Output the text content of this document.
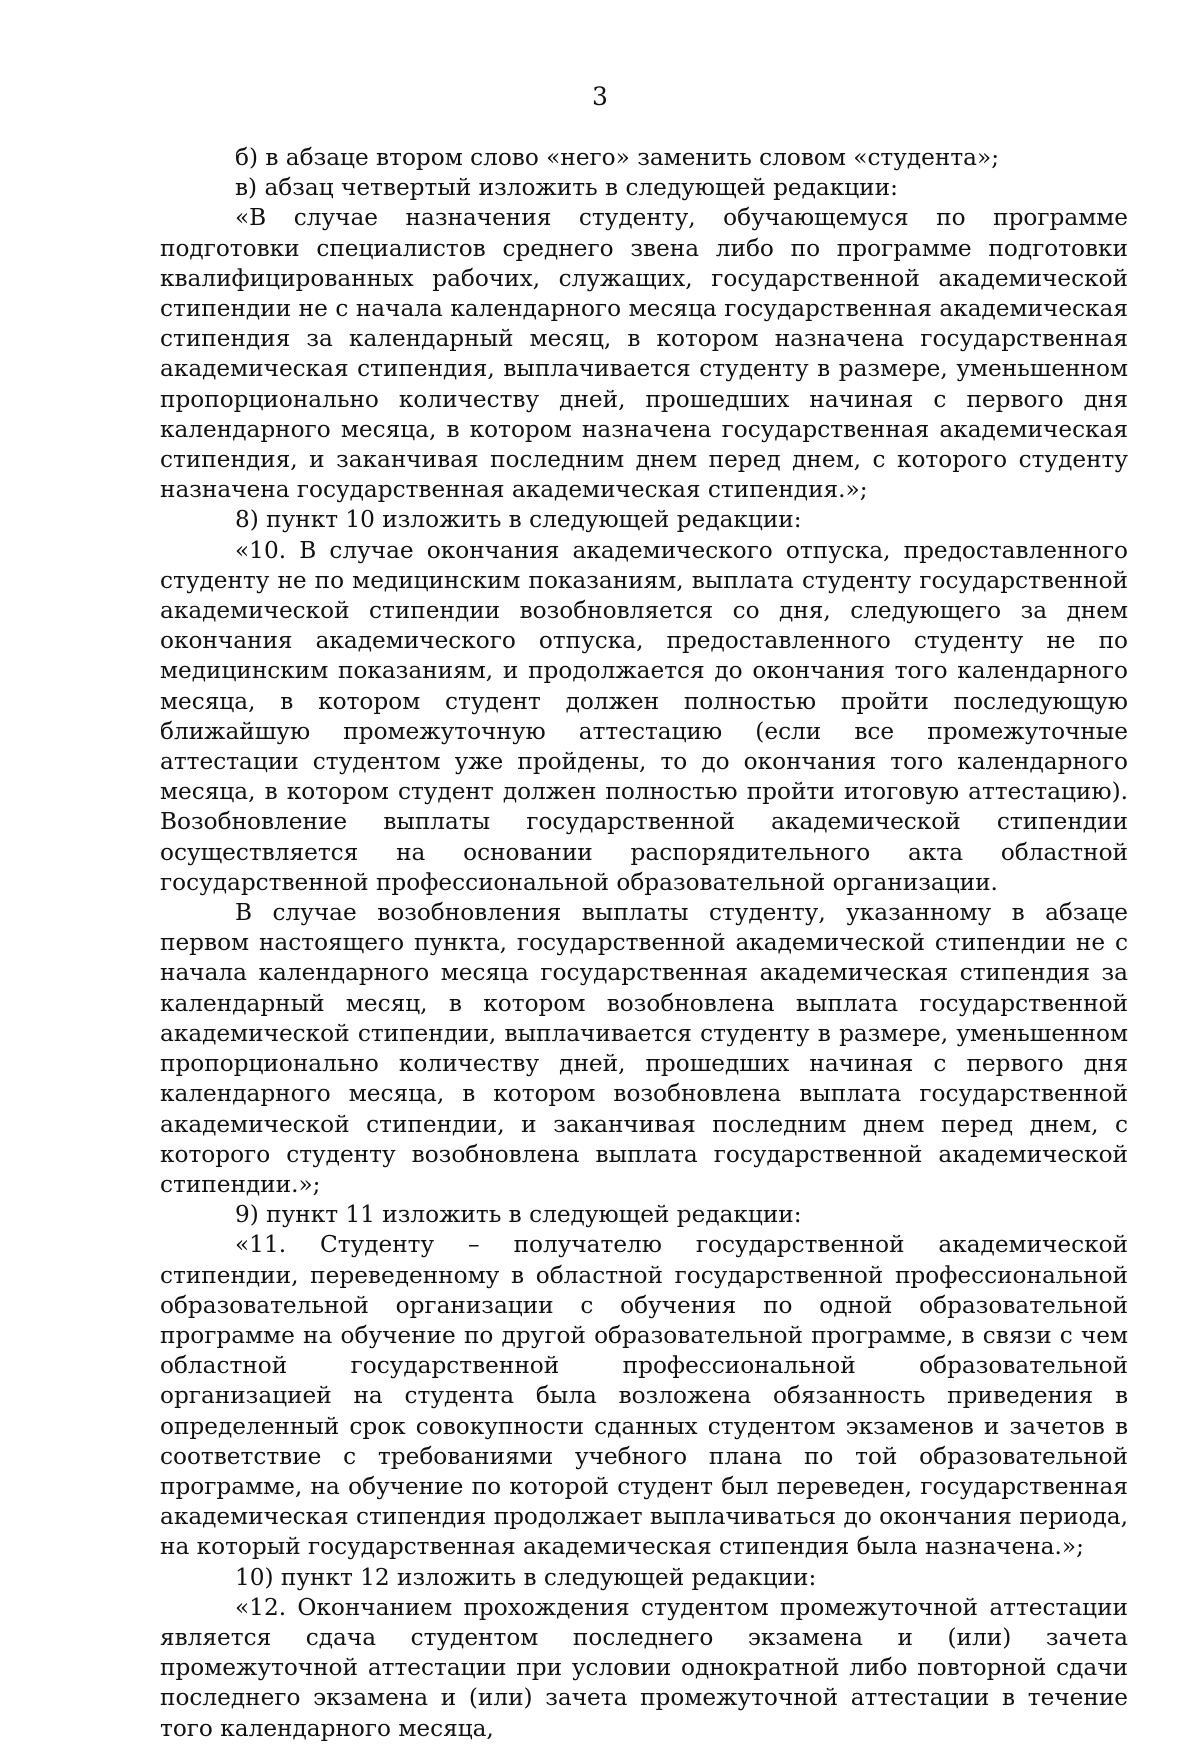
3

б) в абзаце втором слово «него» заменить словом «студента»;

в) абзац четвертый изложить в следующей редакции:

«В случае назначения студенту, обучающемуся по программе подготовки специалистов среднего звена либо по программе подготовки квалифицированных рабочих, служащих, государственной академической стипендии не с начала календарного месяца государственная академическая стипендия за календарный месяц, в котором назначена государственная академическая стипендия, выплачивается студенту в размере, уменьшенном пропорционально количеству дней, прошедших начиная с первого дня календарного месяца, в котором назначена государственная академическая стипендия, и заканчивая последним днем перед днем, с которого студенту назначена государственная академическая стипендия.»;

8) пункт 10 изложить в следующей редакции:

«10. В случае окончания академического отпуска, предоставленного студенту не по медицинским показаниям, выплата студенту государственной академической стипендии возобновляется со дня, следующего за днем окончания академического отпуска, предоставленного студенту не по медицинским показаниям, и продолжается до окончания того календарного месяца, в котором студент должен полностью пройти последующую ближайшую промежуточную аттестацию (если все промежуточные аттестации студентом уже пройдены, то до окончания того календарного месяца, в котором студент должен полностью пройти итоговую аттестацию). Возобновление выплаты государственной академической стипендии осуществляется на основании распорядительного акта областной государственной профессиональной образовательной организации.

В случае возобновления выплаты студенту, указанному в абзаце первом настоящего пункта, государственной академической стипендии не с начала календарного месяца государственная академическая стипендия за календарный месяц, в котором возобновлена выплата государственной академической стипендии, выплачивается студенту в размере, уменьшенном пропорционально количеству дней, прошедших начиная с первого дня календарного месяца, в котором возобновлена выплата государственной академической стипендии, и заканчивая последним днем перед днем, с которого студенту возобновлена выплата государственной академической стипендии.»;

9) пункт 11 изложить в следующей редакции:

«11. Студенту – получателю государственной академической стипендии, переведенному в областной государственной профессиональной образовательной организации с обучения по одной образовательной программе на обучение по другой образовательной программе, в связи с чем областной государственной профессиональной образовательной организацией на студента была возложена обязанность приведения в определенный срок совокупности сданных студентом экзаменов и зачетов в соответствие с требованиями учебного плана по той образовательной программе, на обучение по которой студент был переведен, государственная академическая стипендия продолжает выплачиваться до окончания периода, на который государственная академическая стипендия была назначена.»;

10) пункт 12 изложить в следующей редакции:

«12. Окончанием прохождения студентом промежуточной аттестации является сдача студентом последнего экзамена и (или) зачета промежуточной аттестации при условии однократной либо повторной сдачи последнего экзамена и (или) зачета промежуточной аттестации в течение того календарного месяца,
